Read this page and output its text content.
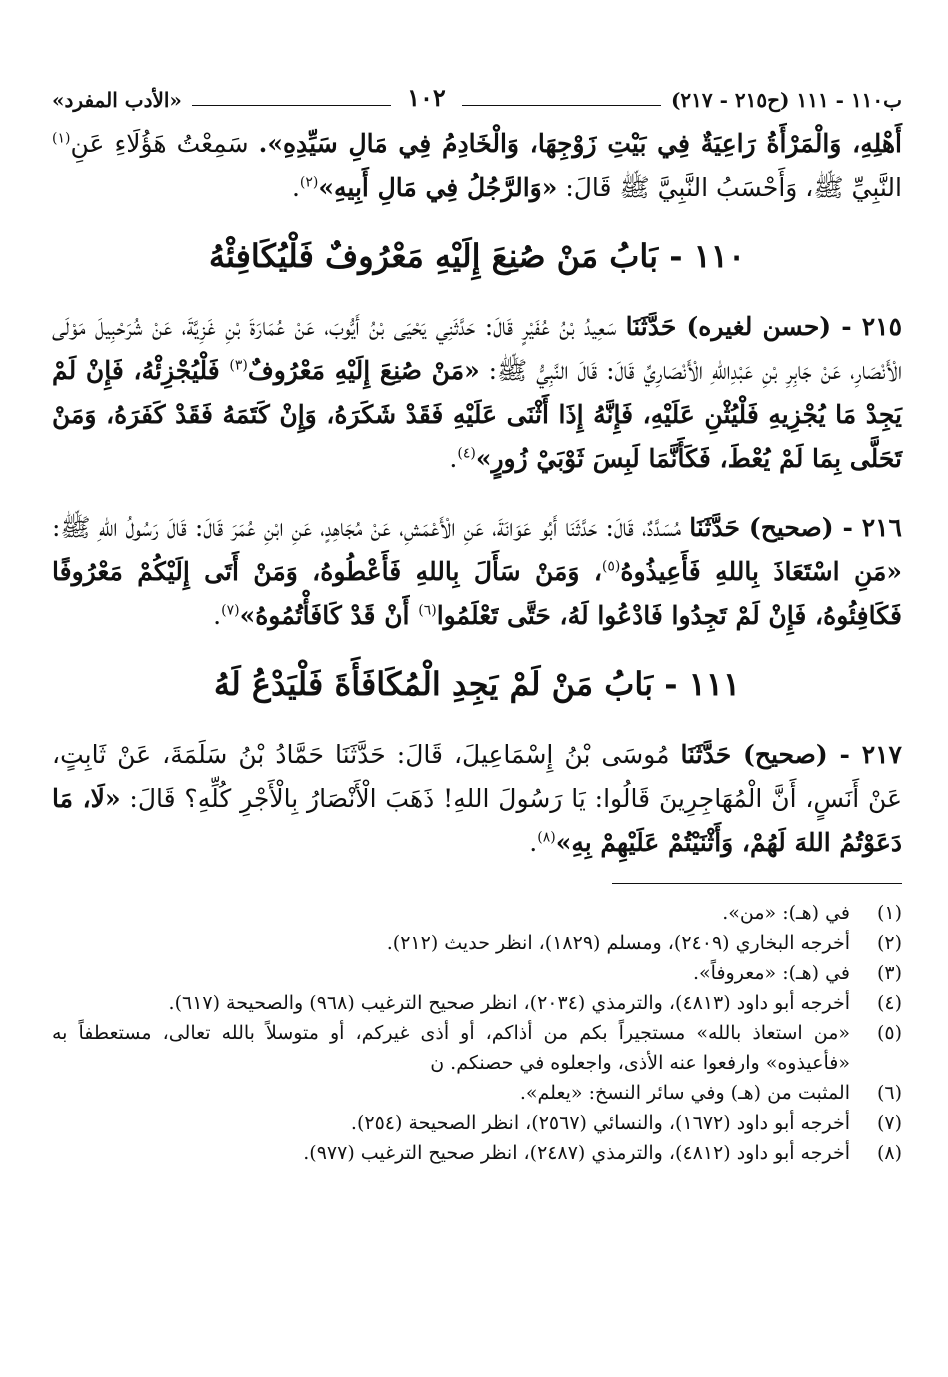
ب١١٠ - ١١١ (ح٢١٥ - ٢١٧)
١٠٢
«الأدب المفرد»

أَهْلِهِ، وَالْمَرْأَةُ رَاعِيَةٌ فِي بَيْتِ زَوْجِهَا، وَالْخَادِمُ فِي مَالِ سَيِّدِهِ». سَمِعْتُ هَؤُلَاءِ عَنِ$^{(١)}$ النَّبِيِّ ﷺ، وَأَحْسَبُ النَّبِيَّ ﷺ قَالَ: «وَالرَّجُلُ فِي مَالِ أَبِيهِ»$^{(٢)}$.

١١٠ - بَابُ مَنْ صُنِعَ إِلَيْهِ مَعْرُوفٌ فَلْيُكَافِئْهُ

٢١٥ - (حسن لغيره) حَدَّثَنَا سَعِيدُ بْنُ عُفَيْرٍ قَالَ: حَدَّثَنِي يَحْيَى بْنُ أَيُّوبَ، عَنْ عُمَارَةَ بْنِ غَزِيَّةَ، عَنْ شُرَحْبِيلَ مَوْلَى الْأَنْصَارِ، عَنْ جَابِرِ بْنِ عَبْدِاللهِ الْأَنْصَارِيِّ قَالَ: قَالَ النَّبِيُّ ﷺ: «مَنْ صُنِعَ إِلَيْهِ مَعْرُوفٌ$^{(٣)}$ فَلْيُجْزِئْهُ، فَإِنْ لَمْ يَجِدْ مَا يُجْزِيهِ فَلْيُثْنِ عَلَيْهِ، فَإِنَّهُ إِذَا أَثْنَى عَلَيْهِ فَقَدْ شَكَرَهُ، وَإِنْ كَتَمَهُ فَقَدْ كَفَرَهُ، وَمَنْ تَحَلَّى بِمَا لَمْ يُعْطَ، فَكَأَنَّمَا لَبِسَ ثَوْبَيْ زُورٍ»$^{(٤)}$.

٢١٦ - (صحيح) حَدَّثَنَا مُسَدَّدٌ، قَالَ: حَدَّثَنَا أَبُو عَوَانَةَ، عَنِ الْأَعْمَشِ، عَنْ مُجَاهِدٍ، عَنِ ابْنِ عُمَرَ قَالَ: قَالَ رَسُولُ اللهِ ﷺ: «مَنِ اسْتَعَاذَ بِاللهِ فَأَعِيذُوهُ$^{(٥)}$، وَمَنْ سَأَلَ بِاللهِ فَأَعْطُوهُ، وَمَنْ أَتَى إِلَيْكُمْ مَعْرُوفًا فَكَافِئُوهُ، فَإِنْ لَمْ تَجِدُوا فَادْعُوا لَهُ، حَتَّى تَعْلَمُوا$^{(٦)}$ أَنْ قَدْ كَافَأْتُمُوهُ»$^{(٧)}$.

١١١ - بَابُ مَنْ لَمْ يَجِدِ الْمُكَافَأَةَ فَلْيَدْعُ لَهُ

٢١٧ - (صحيح) حَدَّثَنَا مُوسَى بْنُ إِسْمَاعِيلَ، قَالَ: حَدَّثَنَا حَمَّادُ بْنُ سَلَمَةَ، عَنْ ثَابِتٍ، عَنْ أَنَسٍ، أَنَّ الْمُهَاجِرِينَ قَالُوا: يَا رَسُولَ اللهِ! ذَهَبَ الْأَنْصَارُ بِالْأَجْرِ كُلِّهِ؟ قَالَ: «لَا، مَا دَعَوْتُمُ اللهَ لَهُمْ، وَأَثْنَيْتُمْ عَلَيْهِمْ بِهِ»$^{(٨)}$.

(١)
في (هـ): «من».
(٢)
أخرجه البخاري (٢٤٠٩)، ومسلم (١٨٢٩)، انظر حديث (٢١٢).
(٣)
في (هـ): «معروفاً».
(٤)
أخرجه أبو داود (٤٨١٣)، والترمذي (٢٠٣٤)، انظر صحيح الترغيب (٩٦٨) والصحيحة (٦١٧).
(٥)
«من استعاذ بالله» مستجيراً بكم من أذاكم، أو أذى غيركم، أو متوسلاً بالله تعالى، مستعطفاً به «فأعيذوه» وارفعوا عنه الأذى، واجعلوه في حصنكم. ن
(٦)
المثبت من (هـ) وفي سائر النسخ: «يعلم».
(٧)
أخرجه أبو داود (١٦٧٢)، والنسائي (٢٥٦٧)، انظر الصحيحة (٢٥٤).
(٨)
أخرجه أبو داود (٤٨١٢)، والترمذي (٢٤٨٧)، انظر صحيح الترغيب (٩٧٧).
